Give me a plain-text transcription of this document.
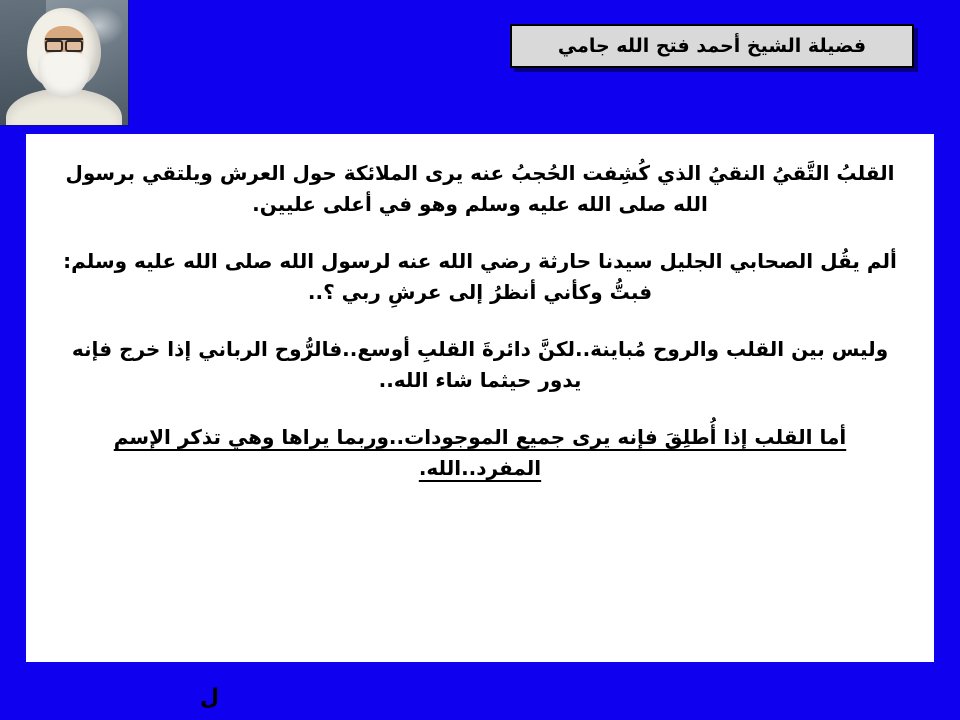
فضيلة الشيخ أحمد فتح الله جامي

القلبُ التَّقيُ النقيُ الذي كُشِفت الحُجبُ عنه يرى الملائكة حول العرش ويلتقي برسول الله صلى الله عليه وسلم وهو في أعلى عليين.

ألم يقُل الصحابي الجليل سيدنا حارثة رضي الله عنه لرسول الله صلى الله عليه وسلم: فبتُّ وكأني أنظرُ إلى عرشِ ربي ؟..

وليس بين القلب والروح مُباينة..لكنَّ دائرةَ القلبِ أوسع..فالرُّوح الرباني إذا خرج فإنه يدور حيثما شاء الله..

أما القلب إذا أُطلِقَ فإنه يرى جميع الموجودات..وربما يراها وهي تذكر الإسم المفرد..الله.

ل
